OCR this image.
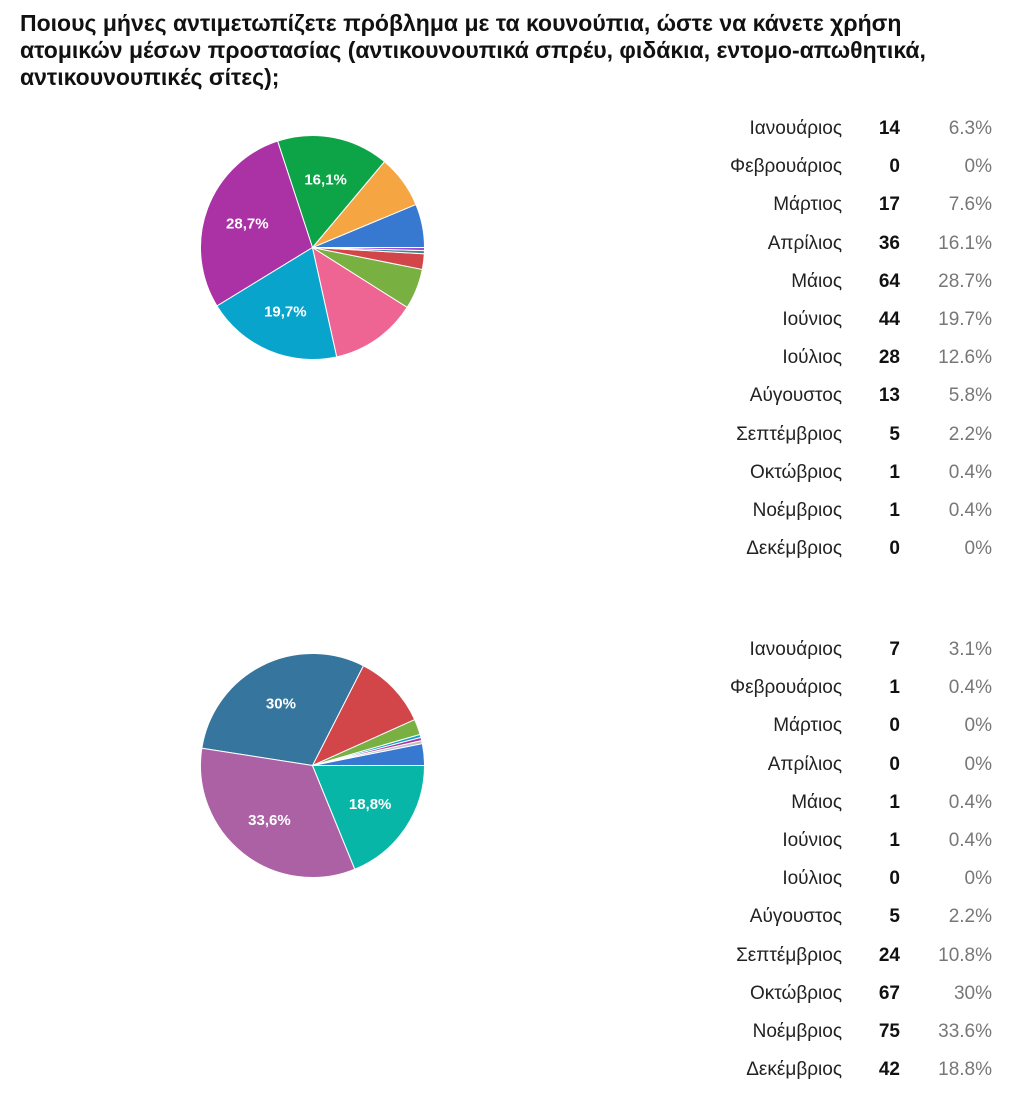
Ποιους μήνες αντιμετωπίζετε πρόβλημα με τα κουνούπια, ώστε να κάνετε χρήση ατομικών μέσων προστασίας (αντικουνουπικά σπρέυ, φιδάκια, εντομο-απωθητικά, αντικουνουπικές σίτες);
16,1%
28,7%
19,7%
Ιανουάριος 14	6.3%
Φεβρουάριος 0	0%
Μάρτιος 17	7.6%
Απρίλιος 36 16.1%
Μάιος 64 28.7%
Ιούνιος 44 19.7%
Ιούλιος 28 12.6%
Αύγουστος 13	5.8%
Σεπτέμβριος 5	2.2%
Οκτώβριος 1	0.4%
Νοέμβριος 1	0.4%
Δεκέμβριος 0	0%
30%
33,6%
18,8%
Ιανουάριος 7	3.1%
Φεβρουάριος 1	0.4%
Μάρτιος 0	0%
Απρίλιος 0	0%
Μάιος 1	0.4%
Ιούνιος 1	0.4%
Ιούλιος 0	0%
Αύγουστος 5	2.2%
Σεπτέμβριος 24 10.8%
Οκτώβριος 67	30%
Νοέμβριος 75 33.6%
Δεκέμβριος 42 18.8%
